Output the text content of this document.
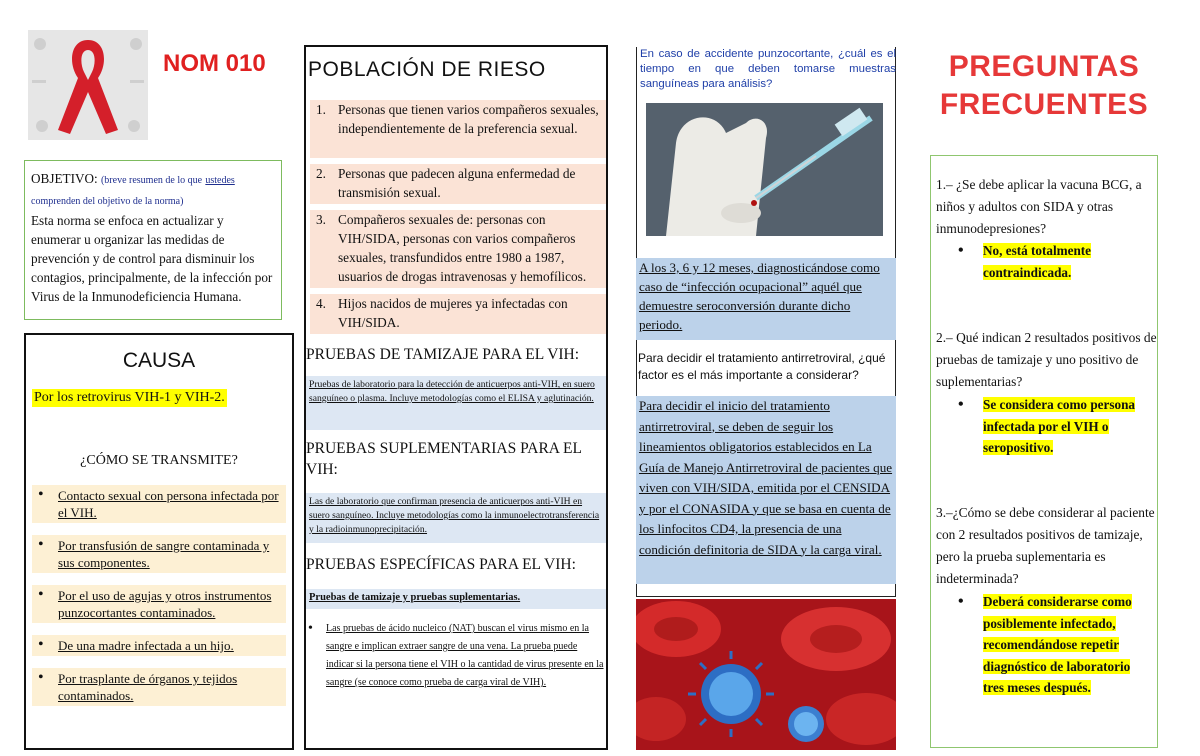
NOM 010
OBJETIVO: (breve resumen de lo que ustedes
comprenden del objetivo de la norma)
Esta norma se enfoca en actualizar y enumerar u organizar las medidas de prevención y de control para disminuir los contagios, principalmente, de la infección por Virus de la Inmunodeficiencia Humana.
CAUSA
Por los retrovirus VIH-1 y VIH-2.
¿CÓMO SE TRANSMITE?
• Contacto sexual con persona infectada por el VIH.
• Por transfusión de sangre contaminada y sus componentes.
• Por el uso de agujas y otros instrumentos punzocortantes contaminados.
• De una madre infectada a un hijo.
• Por trasplante de órganos y tejidos contaminados.
POBLACIÓN DE RIESO
1. Personas que tienen varios compañeros sexuales, independientemente de la preferencia sexual.
2. Personas que padecen alguna enfermedad de transmisión sexual.
3. Compañeros sexuales de: personas con VIH/SIDA, personas con varios compañeros sexuales, transfundidos entre 1980 a 1987, usuarios de drogas intravenosas y hemofílicos.
4. Hijos nacidos de mujeres ya infectadas con VIH/SIDA.
PRUEBAS DE TAMIZAJE PARA EL VIH:
Pruebas de laboratorio para la detección de anticuerpos anti-VIH, en suero sanguíneo o plasma. Incluye metodologías como el ELISA y aglutinación.
PRUEBAS SUPLEMENTARIAS PARA EL VIH:
Las de laboratorio que confirman presencia de anticuerpos anti-VIH en suero sanguíneo. Incluye metodologías como la inmunoelectrotransferencia y la radioinmunoprecipitación.
PRUEBAS ESPECÍFICAS PARA EL VIH:
Pruebas de tamizaje y pruebas suplementarias.
• Las pruebas de ácido nucleico (NAT) buscan el virus mismo en la sangre e implican extraer sangre de una vena. La prueba puede indicar si la persona tiene el VIH o la cantidad de virus presente en la sangre (se conoce como prueba de carga viral de VIH).
En caso de accidente punzocortante, ¿cuál es el tiempo en que deben tomarse muestras sanguíneas para análisis?
A los 3, 6 y 12 meses, diagnosticándose como caso de “infección ocupacional” aquél que demuestre seroconversión durante dicho periodo.
Para decidir el tratamiento antirretroviral, ¿qué factor es el más importante a considerar?
Para decidir el inicio del tratamiento antirretroviral, se deben de seguir los lineamientos obligatorios establecidos en La Guía de Manejo Antirretroviral de pacientes que viven con VIH/SIDA, emitida por el CENSIDA y por el CONASIDA y que se basa en cuenta de los linfocitos CD4, la presencia de una condición definitoria de SIDA y la carga viral.
PREGUNTAS
FRECUENTES
1.– ¿Se debe aplicar la vacuna BCG, a niños y adultos con SIDA y otras inmunodepresiones?
• No, está totalmente contraindicada.
2.– Qué indican 2 resultados positivos de pruebas de tamizaje y uno positivo de suplementarias?
• Se considera como persona infectada por el VIH o seropositivo.
3.–¿Cómo se debe considerar al paciente con 2 resultados positivos de tamizaje, pero la prueba suplementaria es indeterminada?
• Deberá considerarse como posiblemente infectado, recomendándose repetir diagnóstico de laboratorio tres meses después.
